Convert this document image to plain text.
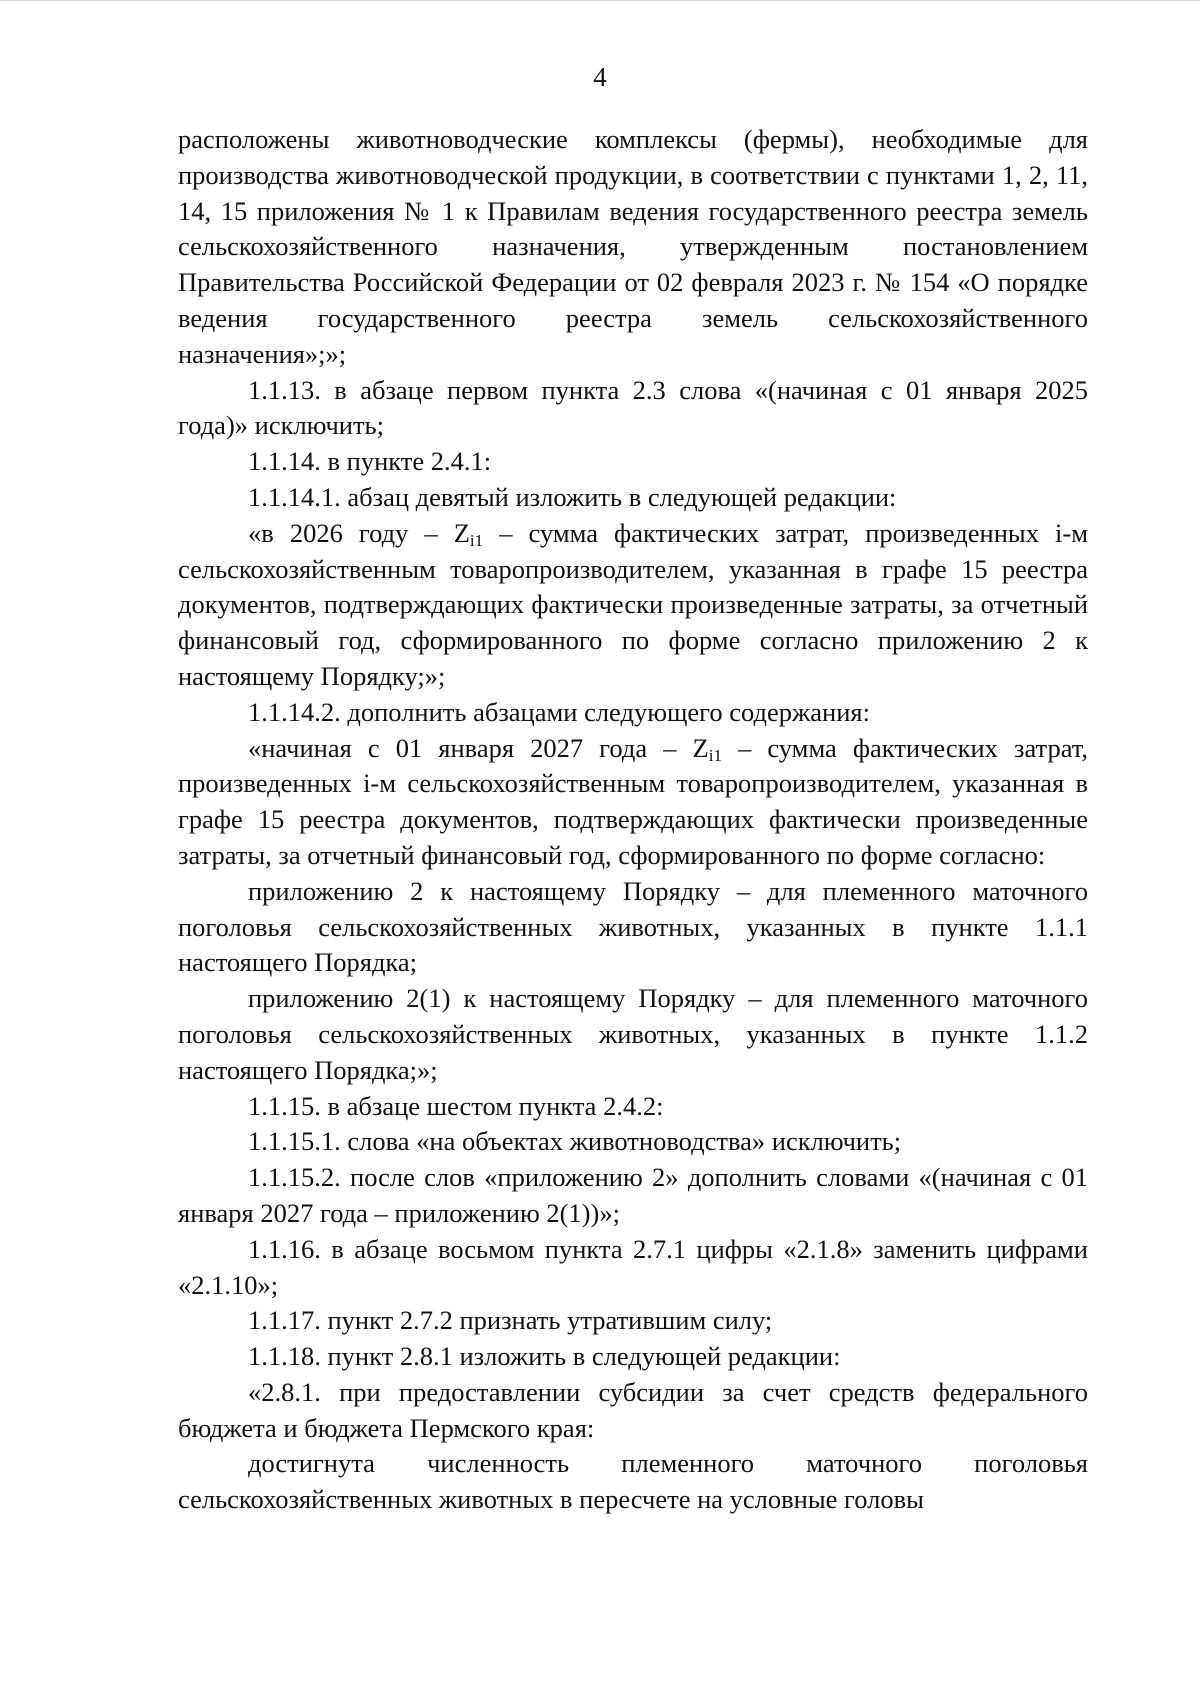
4

расположены животноводческие комплексы (фермы), необходимые для производства животноводческой продукции, в соответствии с пунктами 1, 2, 11, 14, 15 приложения № 1 к Правилам ведения государственного реестра земель сельскохозяйственного назначения, утвержденным постановлением Правительства Российской Федерации от 02 февраля 2023 г. № 154 «О порядке ведения государственного реестра земель сельскохозяйственного назначения»;»;

1.1.13. в абзаце первом пункта 2.3 слова «(начиная с 01 января 2025 года)» исключить;

1.1.14. в пункте 2.4.1:

1.1.14.1. абзац девятый изложить в следующей редакции:

«в 2026 году – $Z_{i1}$ – сумма фактических затрат, произведенных i-м сельскохозяйственным товаропроизводителем, указанная в графе 15 реестра документов, подтверждающих фактически произведенные затраты, за отчетный финансовый год, сформированного по форме согласно приложению 2 к настоящему Порядку;»;

1.1.14.2. дополнить абзацами следующего содержания:

«начиная с 01 января 2027 года – $Z_{i1}$ – сумма фактических затрат, произведенных i-м сельскохозяйственным товаропроизводителем, указанная в графе 15 реестра документов, подтверждающих фактически произведенные затраты, за отчетный финансовый год, сформированного по форме согласно:

приложению 2 к настоящему Порядку – для племенного маточного поголовья сельскохозяйственных животных, указанных в пункте 1.1.1 настоящего Порядка;

приложению 2(1) к настоящему Порядку – для племенного маточного поголовья сельскохозяйственных животных, указанных в пункте 1.1.2 настоящего Порядка;»;

1.1.15. в абзаце шестом пункта 2.4.2:

1.1.15.1. слова «на объектах животноводства» исключить;

1.1.15.2. после слов «приложению 2» дополнить словами «(начиная с 01 января 2027 года – приложению 2(1))»;

1.1.16. в абзаце восьмом пункта 2.7.1 цифры «2.1.8» заменить цифрами «2.1.10»;

1.1.17. пункт 2.7.2 признать утратившим силу;

1.1.18. пункт 2.8.1 изложить в следующей редакции:

«2.8.1. при предоставлении субсидии за счет средств федерального бюджета и бюджета Пермского края:

достигнута численность племенного маточного поголовья сельскохозяйственных животных в пересчете на условные головы
